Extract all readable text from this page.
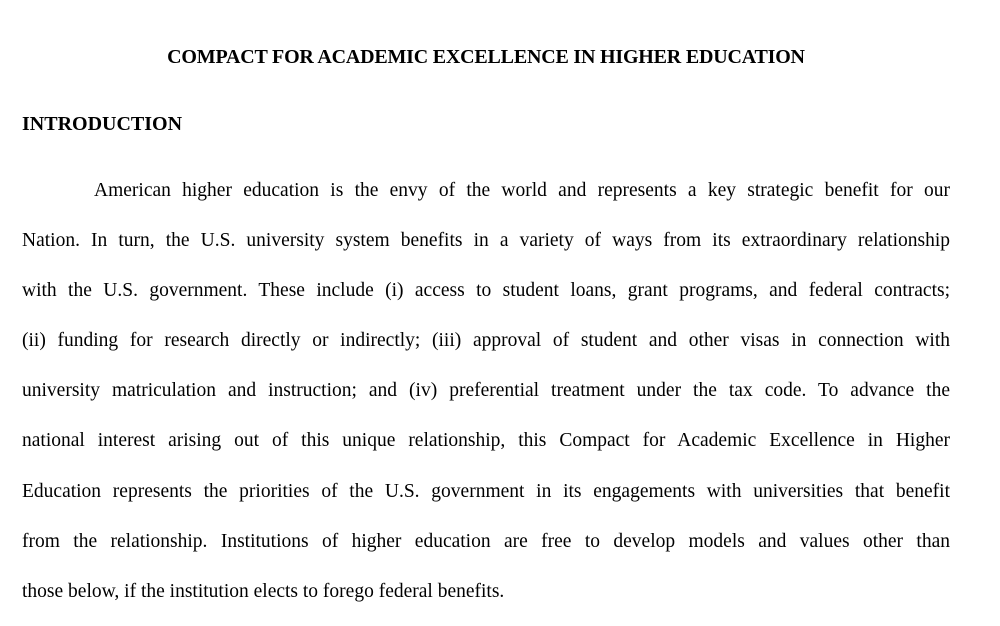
COMPACT FOR ACADEMIC EXCELLENCE IN HIGHER EDUCATION
INTRODUCTION
American higher education is the envy of the world and represents a key strategic benefit for our
Nation. In turn, the U.S. university system benefits in a variety of ways from its extraordinary relationship
with the U.S. government. These include (i) access to student loans, grant programs, and federal contracts;
(ii) funding for research directly or indirectly; (iii) approval of student and other visas in connection with
university matriculation and instruction; and (iv) preferential treatment under the tax code. To advance the
national interest arising out of this unique relationship, this Compact for Academic Excellence in Higher
Education represents the priorities of the U.S. government in its engagements with universities that benefit
from the relationship. Institutions of higher education are free to develop models and values other than
those below, if the institution elects to forego federal benefits.
